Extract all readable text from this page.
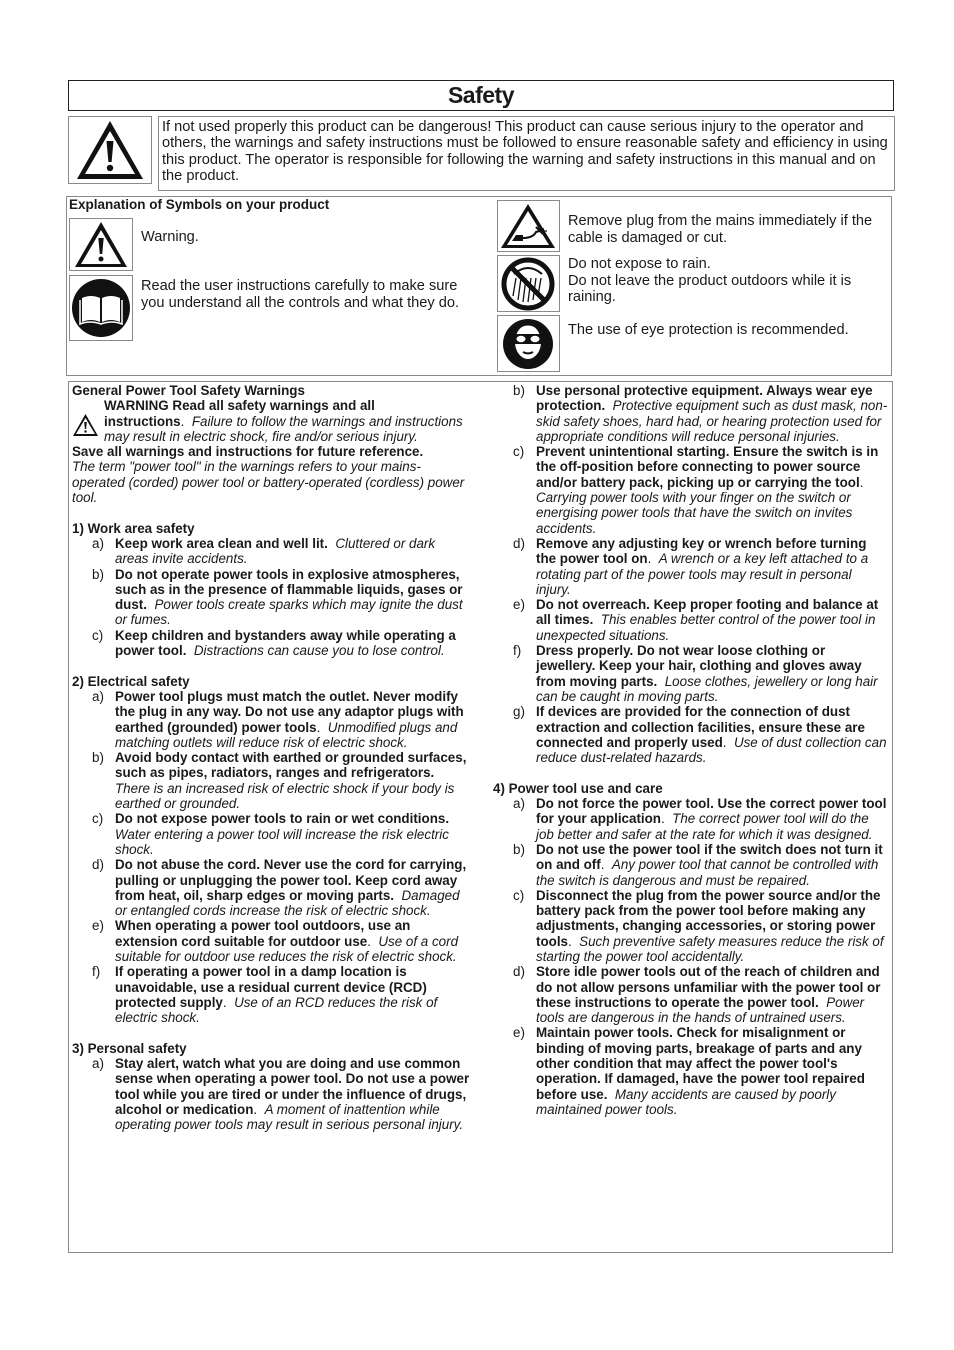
Safety
If not used properly this product can be dangerous! This product can cause serious injury to the operator and others, the warnings and safety instructions must be followed to ensure reasonable safety and efficiency in using this product. The operator is responsible for following the warning and safety instructions in this manual and on the product.
Explanation of Symbols on your product
Warning.
Read the user instructions carefully to make sure you understand all the controls and what they do.
Remove plug from the mains immediately if the cable is damaged or cut.
Do not expose to rain.
Do not leave the product outdoors while it is raining.
The use of eye protection is recommended.

General Power Tool Safety Warnings

WARNING Read all safety warnings and all

instructions.  Failure to follow the warnings and instructions may result in electric shock, fire and/or serious injury.

Save all warnings and instructions for future reference.

The term "power tool" in the warnings refers to your mains-operated (corded) power tool or battery-operated (cordless) power tool.

1) Work area safety

a) Keep work area clean and well lit. Cluttered or dark areas invite accidents.

b) Do not operate power tools in explosive atmospheres, such as in the presence of flammable liquids, gases or dust. Power tools create sparks which may ignite the dust or fumes.

c) Keep children and bystanders away while operating a power tool. Distractions can cause you to lose control.

2) Electrical safety

a) Power tool plugs must match the outlet. Never modify the plug in any way. Do not use any adaptor plugs with earthed (grounded) power tools.  Unmodified plugs and matching outlets will reduce risk of electric shock.

b) Avoid body contact with earthed or grounded surfaces, such as pipes, radiators, ranges and refrigerators.  There is an increased risk of electric shock if your body is earthed or grounded.

c) Do not expose power tools to rain or wet conditions.  Water entering a power tool will increase the risk electric shock.

d) Do not abuse the cord. Never use the cord for carrying, pulling or unplugging the power tool. Keep cord away from heat, oil, sharp edges or moving parts. Damaged or entangled cords increase the risk of electric shock.

e) When operating a power tool outdoors, use an extension cord suitable for outdoor use.  Use of a cord suitable for outdoor use reduces the risk of electric shock.

f)	If operating a power tool in a damp location is unavoidable, use a residual current device (RCD) protected supply.  Use of an RCD reduces the risk of electric shock.

3) Personal safety

a) Stay alert, watch what you are doing and use common sense when operating a power tool. Do not use a power tool while you are tired or under the influence of drugs, alcohol or medication.  A moment of inattention while operating power tools may result in serious personal injury.

b) Use personal protective equipment. Always wear eye protection. Protective equipment such as dust mask, non-skid safety shoes, hard had, or hearing protection used for appropriate conditions will reduce personal injuries.

c) Prevent unintentional starting. Ensure the switch is in the off-position before connecting to power source and/or battery pack, picking up or carrying the tool.  Carrying power tools with your finger on the switch or energising power tools that have the switch on invites accidents.

d) Remove any adjusting key or wrench before turning the power tool on.  A wrench or a key left attached to a rotating part of the power tools may result in personal injury.

e) Do not overreach. Keep proper footing and balance at all times. This enables better control of the power tool in unexpected situations.

f)	Dress properly. Do not wear loose clothing or jewellery. Keep your hair, clothing and gloves away from moving parts. Loose clothes, jewellery or long hair can be caught in moving parts.

g) If devices are provided for the connection of dust extraction and collection facilities, ensure these are connected and properly used.  Use of dust collection can reduce dust-related hazards.

4) Power tool use and care

a) Do not force the power tool. Use the correct power tool for your application.  The correct power tool will do the job better and safer at the rate for which it was designed.

b) Do not use the power tool if the switch does not turn it on and off.  Any power tool that cannot be controlled with the switch is dangerous and must be repaired.

c) Disconnect the plug from the power source and/or the battery pack from the power tool before making any adjustments, changing accessories, or storing power tools.  Such preventive safety measures reduce the risk of starting the power tool accidentally.

d) Store idle power tools out of the reach of children and do not allow persons unfamiliar with the power tool or these instructions to operate the power tool. Power tools are dangerous in the hands of untrained users.

e) Maintain power tools. Check for misalignment or binding of moving parts, breakage of parts and any other condition that may affect the power tool's operation. If damaged, have the power tool repaired before use. Many accidents are caused by poorly maintained power tools.
